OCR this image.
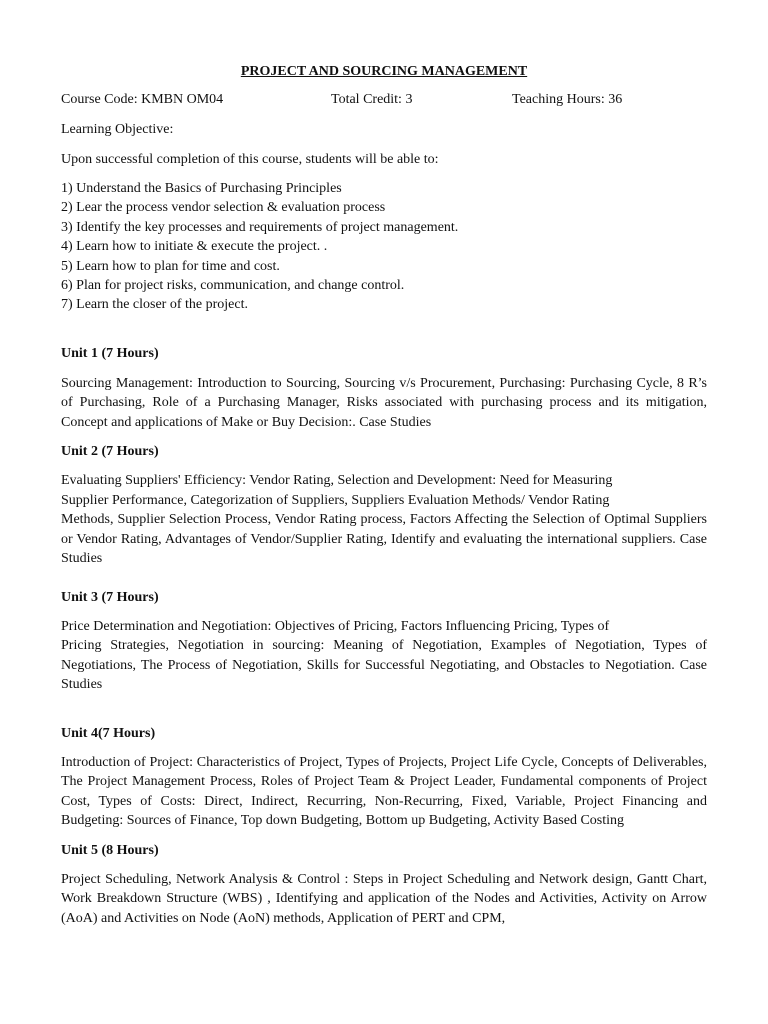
PROJECT AND SOURCING MANAGEMENT
Course Code: KMBN OM04	Total Credit: 3	Teaching Hours: 36
Learning Objective:
Upon successful completion of this course, students will be able to:
1) Understand the Basics of Purchasing Principles
2) Lear the process vendor selection & evaluation process
3) Identify the key processes and requirements of project management.
4) Learn how to initiate & execute the project. .
5) Learn how to plan for time and cost.
6) Plan for project risks, communication, and change control.
7) Learn the closer of the project.
Unit 1 (7 Hours)
Sourcing Management: Introduction to Sourcing, Sourcing v/s Procurement, Purchasing: Purchasing Cycle, 8 R’s of Purchasing, Role of a Purchasing Manager, Risks associated with purchasing process and its mitigation, Concept and applications of Make or Buy Decision:. Case Studies
Unit 2 (7 Hours)
Evaluating Suppliers' Efficiency: Vendor Rating, Selection and Development: Need for Measuring
Supplier Performance, Categorization of Suppliers, Suppliers Evaluation Methods/ Vendor Rating
Methods, Supplier Selection Process, Vendor Rating process, Factors Affecting the Selection of Optimal Suppliers or Vendor Rating, Advantages of Vendor/Supplier Rating, Identify and evaluating the international suppliers. Case Studies
Unit 3 (7 Hours)
Price Determination and Negotiation: Objectives of Pricing, Factors Influencing Pricing, Types of
Pricing Strategies, Negotiation in sourcing: Meaning of Negotiation, Examples of Negotiation, Types of Negotiations, The Process of Negotiation, Skills for Successful Negotiating, and Obstacles to Negotiation. Case Studies
Unit 4(7 Hours)
Introduction of Project: Characteristics of Project, Types of Projects, Project Life Cycle, Concepts of Deliverables, The Project Management Process, Roles of Project Team & Project Leader, Fundamental components of Project Cost, Types of Costs: Direct, Indirect, Recurring, Non-Recurring, Fixed, Variable, Project Financing and Budgeting: Sources of Finance, Top down Budgeting, Bottom up Budgeting, Activity Based Costing
Unit 5 (8 Hours)
Project Scheduling, Network Analysis & Control : Steps in Project Scheduling and Network design, Gantt Chart, Work Breakdown Structure (WBS) , Identifying and application of the Nodes and Activities, Activity on Arrow (AoA) and Activities on Node (AoN) methods, Application of PERT and CPM,
